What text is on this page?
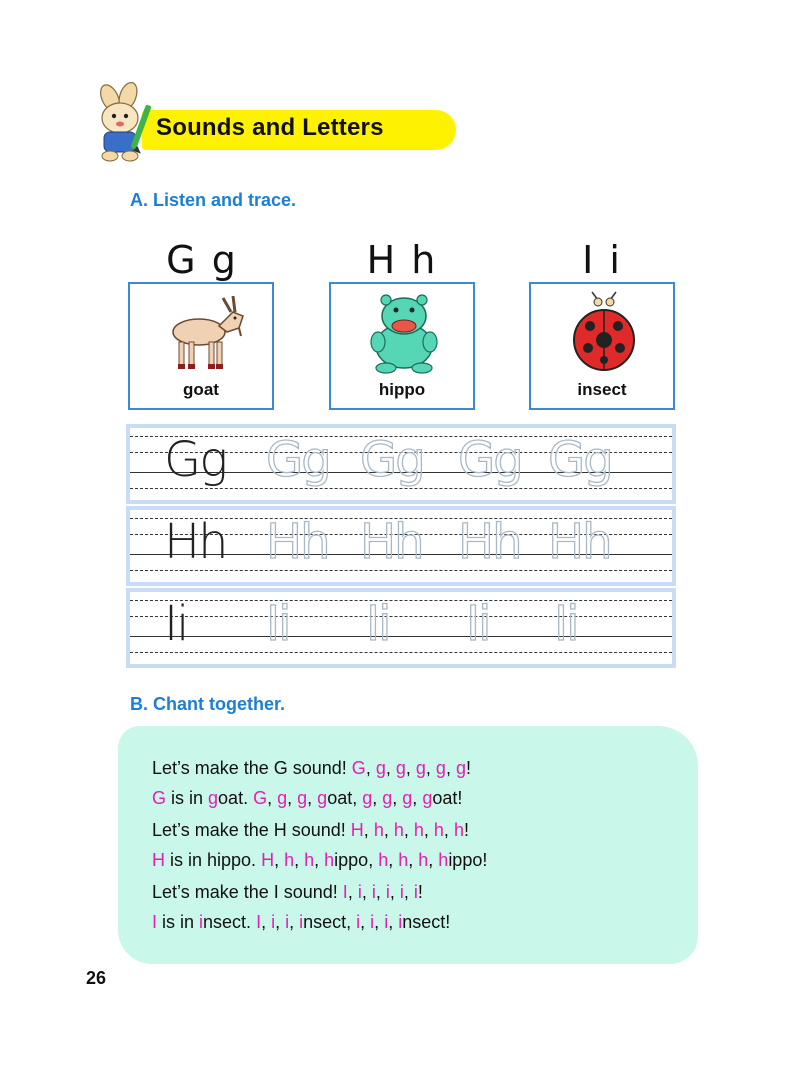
Sounds and Letters
A. Listen and trace.
G g	H h	I i
goat	hippo	insect
Gg Gg Gg Gg Gg
Hh Hh Hh Hh Hh
Ii Ii Ii Ii Ii
B. Chant together.
Let’s make the G sound! G, g, g, g, g, g!
G is in goat. G, g, g, goat, g, g, g, goat!
Let’s make the H sound! H, h, h, h, h, h!
H is in hippo. H, h, h, hippo, h, h, h, hippo!
Let’s make the I sound! I, i, i, i, i, i!
I is in insect. I, i, i, insect, i, i, i, insect!
26
